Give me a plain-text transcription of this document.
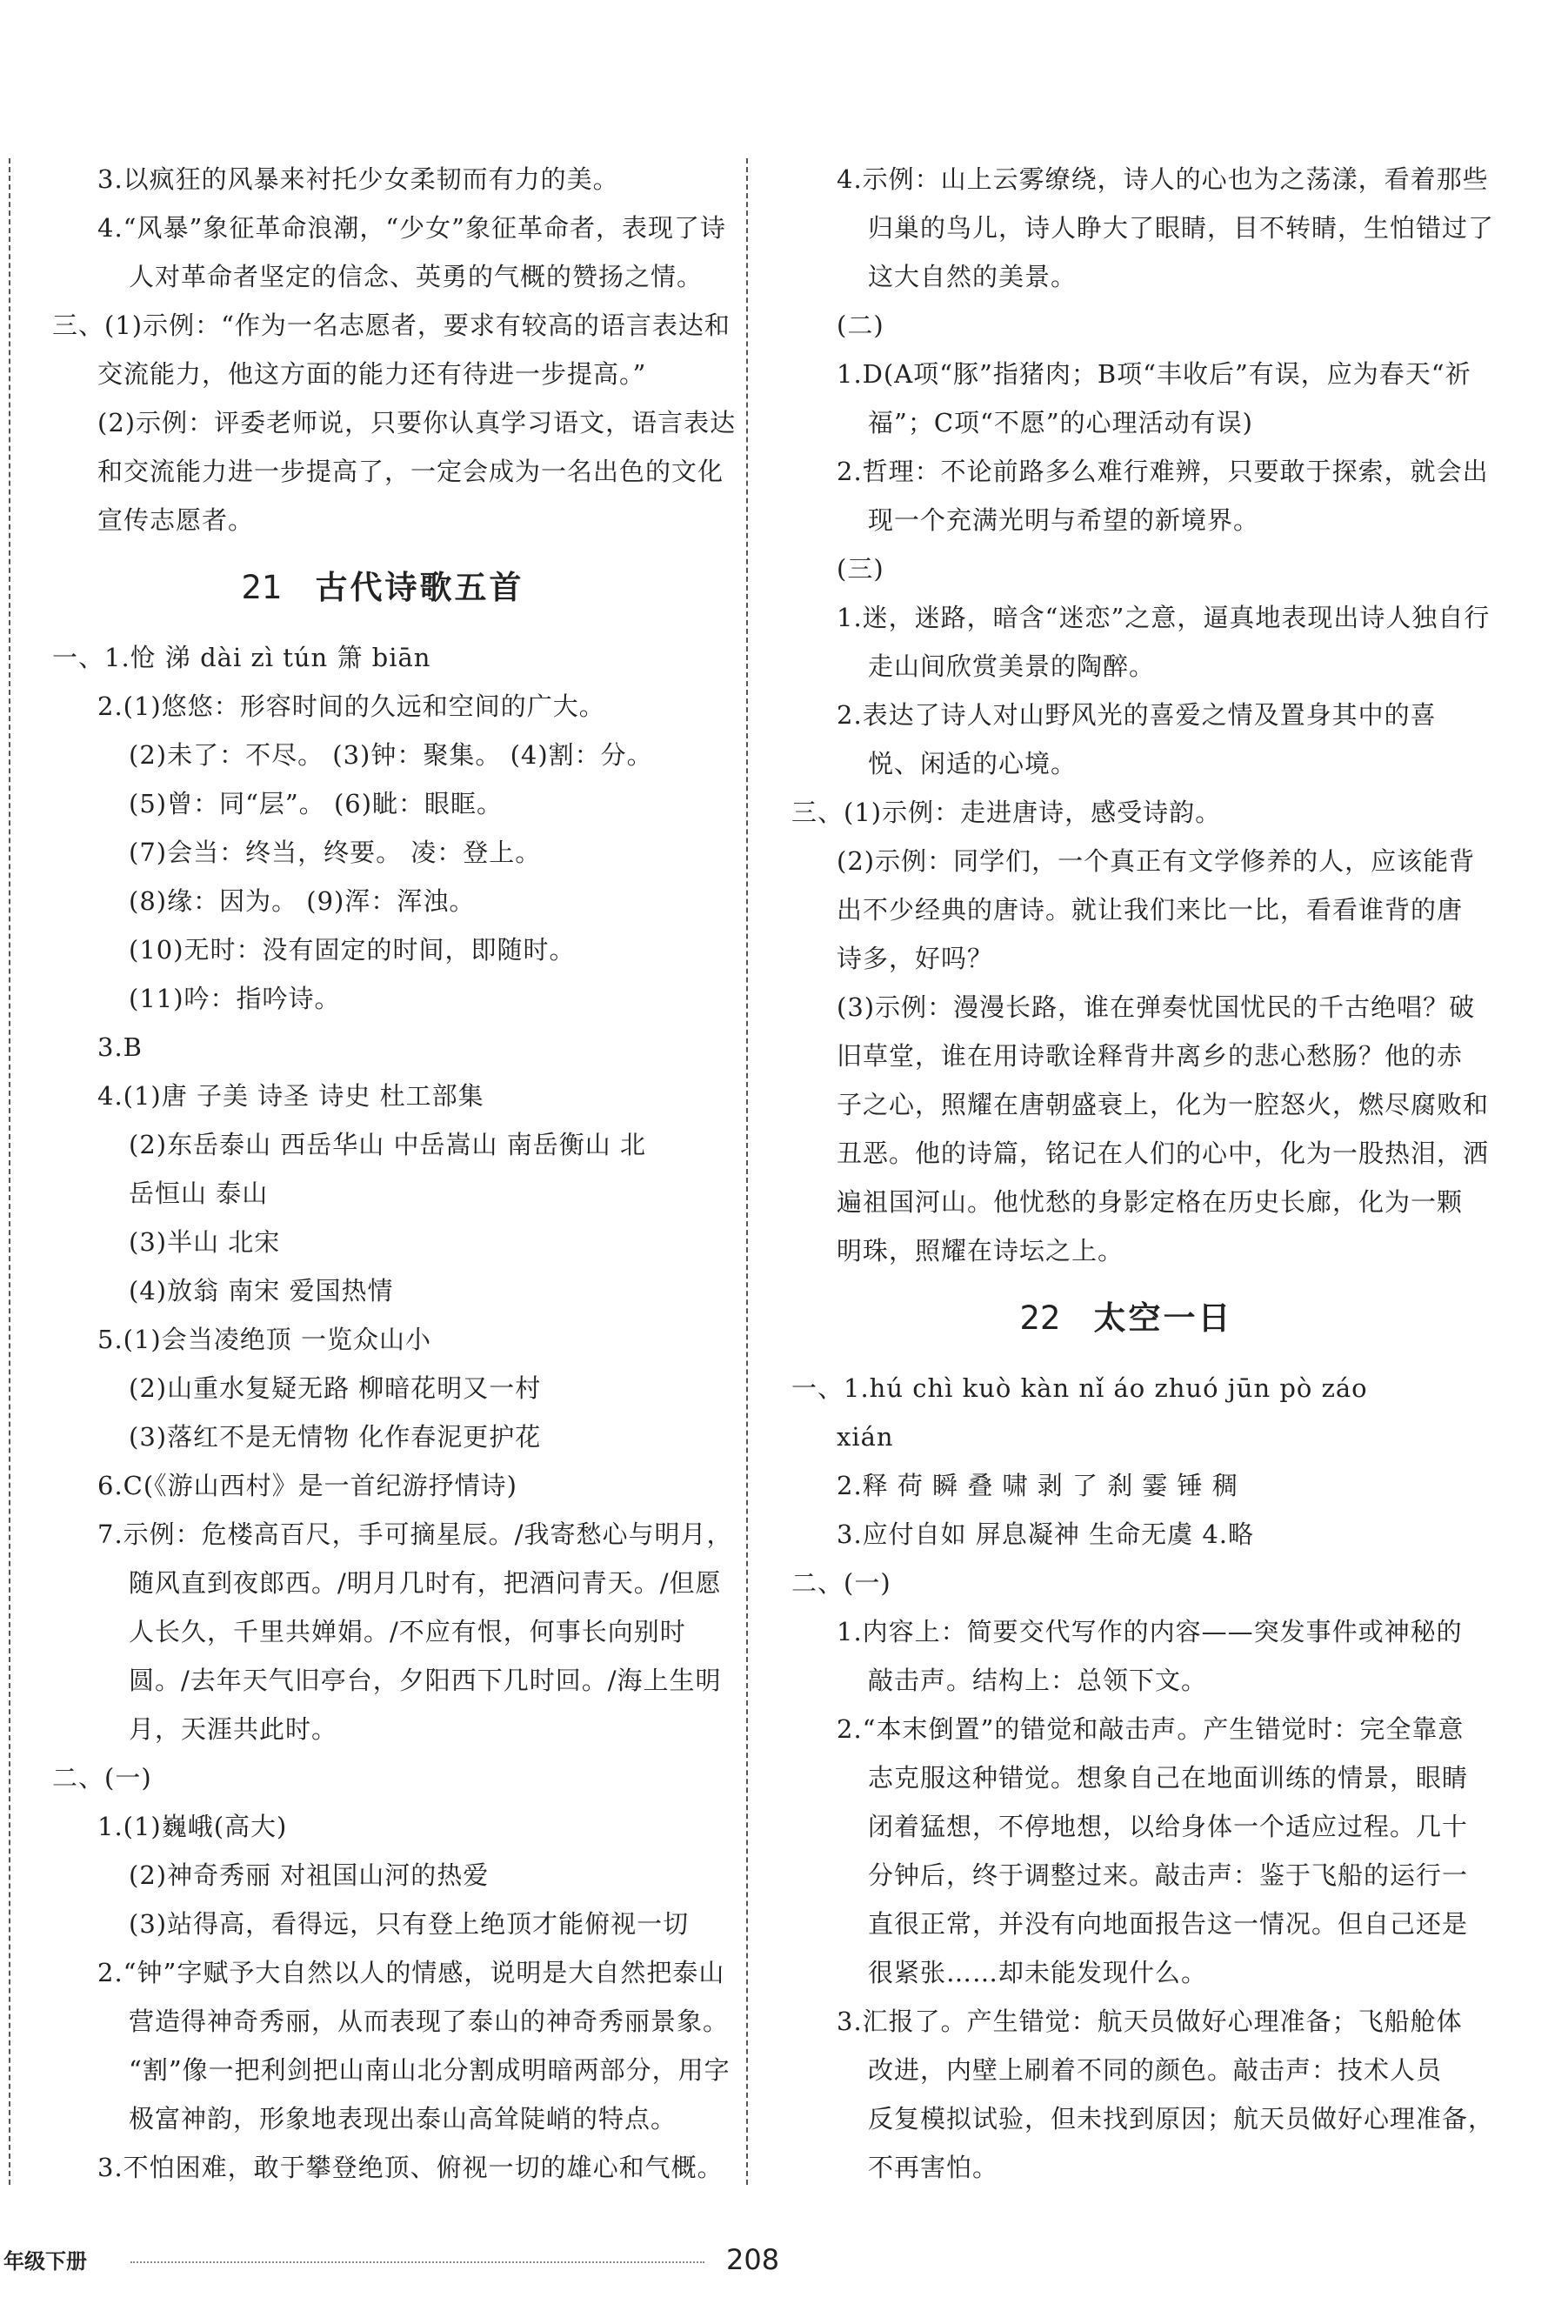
3.以疯狂的风暴来衬托少女柔韧而有力的美。
4.“风暴”象征革命浪潮，“少女”象征革命者，表现了诗
人对革命者坚定的信念、英勇的气概的赞扬之情。
三、(1)示例：“作为一名志愿者，要求有较高的语言表达和
交流能力，他这方面的能力还有待进一步提高。”
(2)示例：评委老师说，只要你认真学习语文，语言表达
和交流能力进一步提高了，一定会成为一名出色的文化
宣传志愿者。
21 古代诗歌五首
一、1.怆 涕 dài zì tún 箫 biān
2.(1)悠悠：形容时间的久远和空间的广大。
(2)未了：不尽。 (3)钟：聚集。 (4)割：分。
(5)曾：同“层”。 (6)眦：眼眶。
(7)会当：终当，终要。 凌：登上。
(8)缘：因为。 (9)浑：浑浊。
(10)无时：没有固定的时间，即随时。
(11)吟：指吟诗。
3.B
4.(1)唐 子美 诗圣 诗史 杜工部集
(2)东岳泰山 西岳华山 中岳嵩山 南岳衡山 北
岳恒山 泰山
(3)半山 北宋
(4)放翁 南宋 爱国热情
5.(1)会当凌绝顶 一览众山小
(2)山重水复疑无路 柳暗花明又一村
(3)落红不是无情物 化作春泥更护花
6.C(《游山西村》是一首纪游抒情诗)
7.示例：危楼高百尺，手可摘星辰。/我寄愁心与明月，
随风直到夜郎西。/明月几时有，把酒问青天。/但愿
人长久，千里共婵娟。/不应有恨，何事长向别时
圆。/去年天气旧亭台，夕阳西下几时回。/海上生明
月，天涯共此时。
二、(一)
1.(1)巍峨(高大)
(2)神奇秀丽 对祖国山河的热爱
(3)站得高，看得远，只有登上绝顶才能俯视一切
2.“钟”字赋予大自然以人的情感，说明是大自然把泰山
营造得神奇秀丽，从而表现了泰山的神奇秀丽景象。
“割”像一把利剑把山南山北分割成明暗两部分，用字
极富神韵，形象地表现出泰山高耸陡峭的特点。
3.不怕困难，敢于攀登绝顶、俯视一切的雄心和气概。
4.示例：山上云雾缭绕，诗人的心也为之荡漾，看着那些
归巢的鸟儿，诗人睁大了眼睛，目不转睛，生怕错过了
这大自然的美景。
(二)
1.D(A项“豚”指猪肉；B项“丰收后”有误，应为春天“祈
福”；C项“不愿”的心理活动有误)
2.哲理：不论前路多么难行难辨，只要敢于探索，就会出
现一个充满光明与希望的新境界。
(三)
1.迷，迷路，暗含“迷恋”之意，逼真地表现出诗人独自行
走山间欣赏美景的陶醉。
2.表达了诗人对山野风光的喜爱之情及置身其中的喜
悦、闲适的心境。
三、(1)示例：走进唐诗，感受诗韵。
(2)示例：同学们，一个真正有文学修养的人，应该能背
出不少经典的唐诗。就让我们来比一比，看看谁背的唐
诗多，好吗？
(3)示例：漫漫长路，谁在弹奏忧国忧民的千古绝唱？破
旧草堂，谁在用诗歌诠释背井离乡的悲心愁肠？他的赤
子之心，照耀在唐朝盛衰上，化为一腔怒火，燃尽腐败和
丑恶。他的诗篇，铭记在人们的心中，化为一股热泪，洒
遍祖国河山。他忧愁的身影定格在历史长廊，化为一颗
明珠，照耀在诗坛之上。
22 太空一日
一、1.hú chì kuò kàn nǐ áo zhuó jūn pò záo
xián
2.释 荷 瞬 叠 啸 剥 了 刹 霎 锤 稠
3.应付自如 屏息凝神 生命无虞 4.略
二、(一)
1.内容上：简要交代写作的内容——突发事件或神秘的
敲击声。结构上：总领下文。
2.“本末倒置”的错觉和敲击声。产生错觉时：完全靠意
志克服这种错觉。想象自己在地面训练的情景，眼睛
闭着猛想，不停地想，以给身体一个适应过程。几十
分钟后，终于调整过来。敲击声：鉴于飞船的运行一
直很正常，并没有向地面报告这一情况。但自己还是
很紧张……却未能发现什么。
3.汇报了。产生错觉：航天员做好心理准备；飞船舱体
改进，内壁上刷着不同的颜色。敲击声：技术人员
反复模拟试验，但未找到原因；航天员做好心理准备，
不再害怕。
年级下册	208
